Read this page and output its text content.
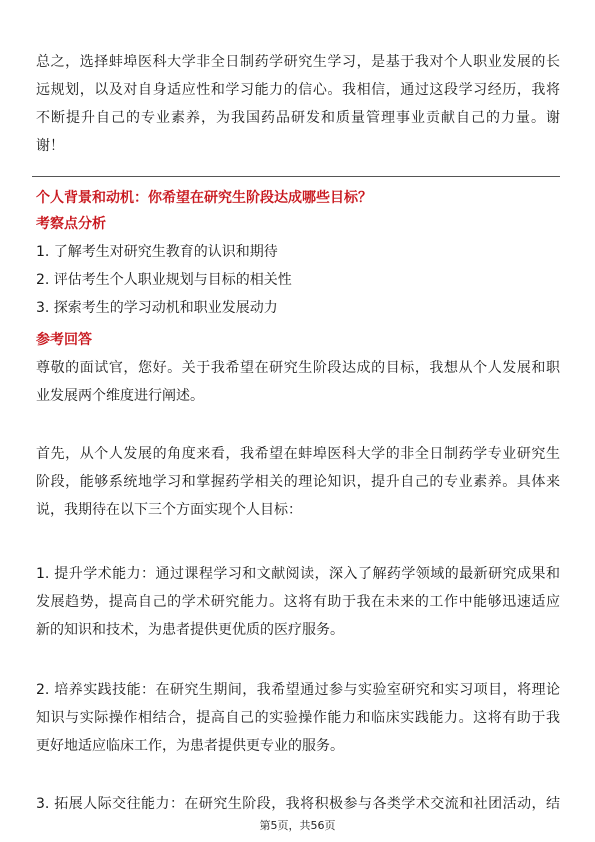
总之，选择蚌埠医科大学非全日制药学研究生学习，是基于我对个人职业发展的长
远规划，以及对自身适应性和学习能力的信心。我相信，通过这段学习经历，我将
不断提升自己的专业素养，为我国药品研发和质量管理事业贡献自己的力量。谢
谢！
个人背景和动机：你希望在研究生阶段达成哪些目标？
考察点分析
1. 了解考生对研究生教育的认识和期待
2. 评估考生个人职业规划与目标的相关性
3. 探索考生的学习动机和职业发展动力
参考回答
尊敬的面试官，您好。关于我希望在研究生阶段达成的目标，我想从个人发展和职
业发展两个维度进行阐述。
首先，从个人发展的角度来看，我希望在蚌埠医科大学的非全日制药学专业研究生
阶段，能够系统地学习和掌握药学相关的理论知识，提升自己的专业素养。具体来
说，我期待在以下三个方面实现个人目标：
1. 提升学术能力：通过课程学习和文献阅读，深入了解药学领域的最新研究成果和
发展趋势，提高自己的学术研究能力。这将有助于我在未来的工作中能够迅速适应
新的知识和技术，为患者提供更优质的医疗服务。
2. 培养实践技能：在研究生期间，我希望通过参与实验室研究和实习项目，将理论
知识与实际操作相结合，提高自己的实验操作能力和临床实践能力。这将有助于我
更好地适应临床工作，为患者提供更专业的服务。
3. 拓展人际交往能力：在研究生阶段，我将积极参与各类学术交流和社团活动，结
第5页，共56页
